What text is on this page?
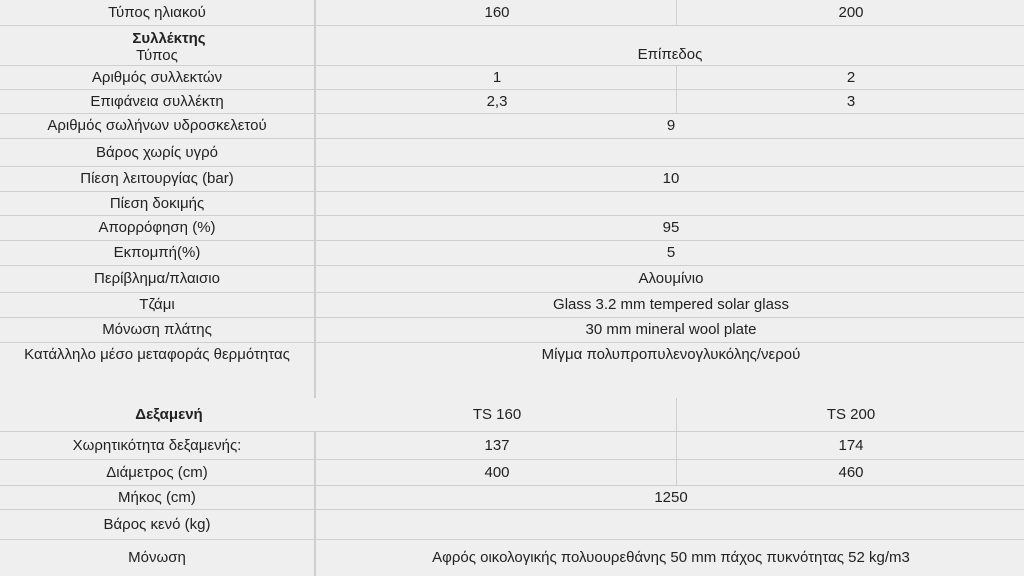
Τύπος ηλιακού	160	200
Συλλέκτης
Τύπος	Επίπεδος
Αριθμός συλλεκτών	1	2
Επιφάνεια συλλέκτη	2,3	3
Αριθμός σωλήνων υδροσκελετού	9
Βάρος χωρίς υγρό
Πίεση λειτουργίας (bar)	10
Πίεση δοκιμής
Απορρόφηση (%)	95
Εκπομπή(%)	5
Περίβλημα/πλαισιο	Αλουμίνιο
Τζάμι	Glass 3.2 mm tempered solar glass
Μόνωση πλάτης	30 mm mineral wool plate
Κατάλληλο μέσο μεταφοράς θερμότητας	Μίγμα πολυπροπυλενογλυκόλης/νερού
Δεξαμενή	TS 160	TS 200
Χωρητικότητα δεξαμενής:	137	174
Διάμετρος (cm)	400	460
Μήκος (cm)	1250
Βάρος κενό (kg)
Μόνωση	Αφρός οικολογικής πολυουρεθάνης 50 mm πάχος πυκνότητας 52 kg/m3
